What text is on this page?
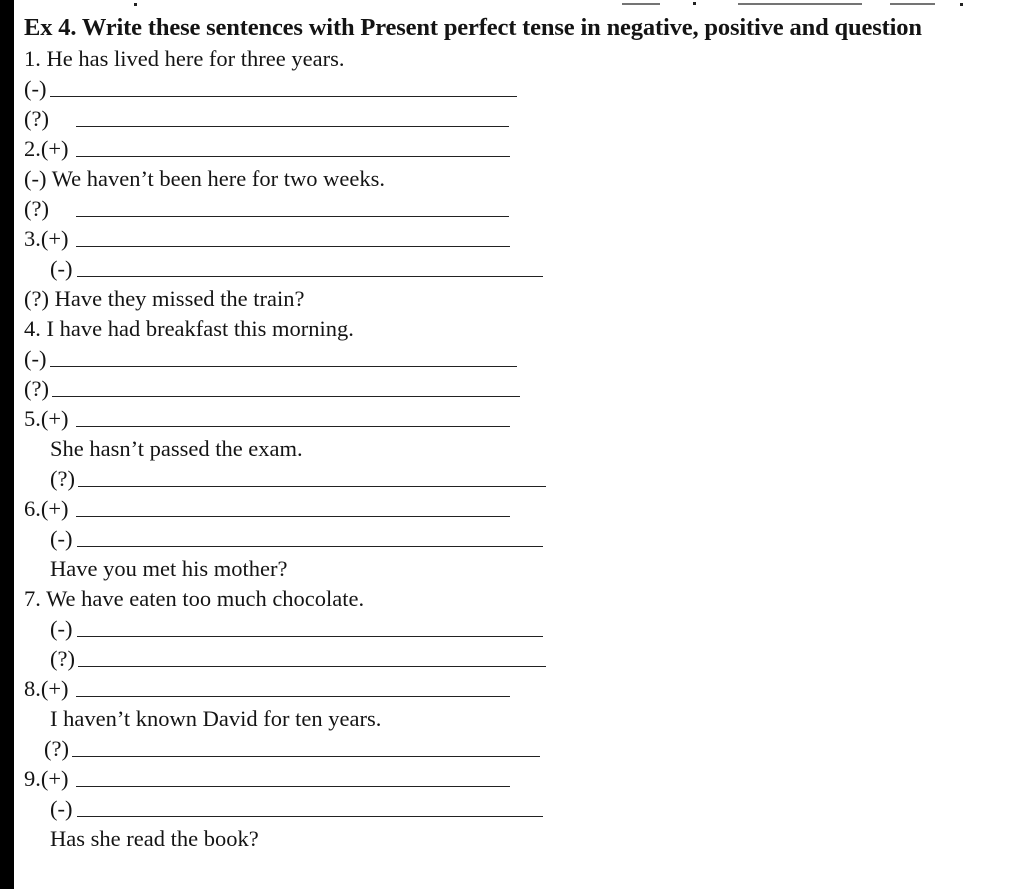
Ex 4. Write these sentences with Present perfect tense in negative, positive and question
1. He has lived here for three years.
(-)
(?)
2.(+)
(-) We haven’t been here for two weeks.
(?)
3.(+)
(-)
(?) Have they missed the train?
4. I have had breakfast this morning.
(-)
(?)
5.(+)
She hasn’t passed the exam.
(?)
6.(+)
(-)
Have you met his mother?
7. We have eaten too much chocolate.
(-)
(?)
8.(+)
I haven’t known David for ten years.
(?)
9.(+)
(-)
Has she read the book?
